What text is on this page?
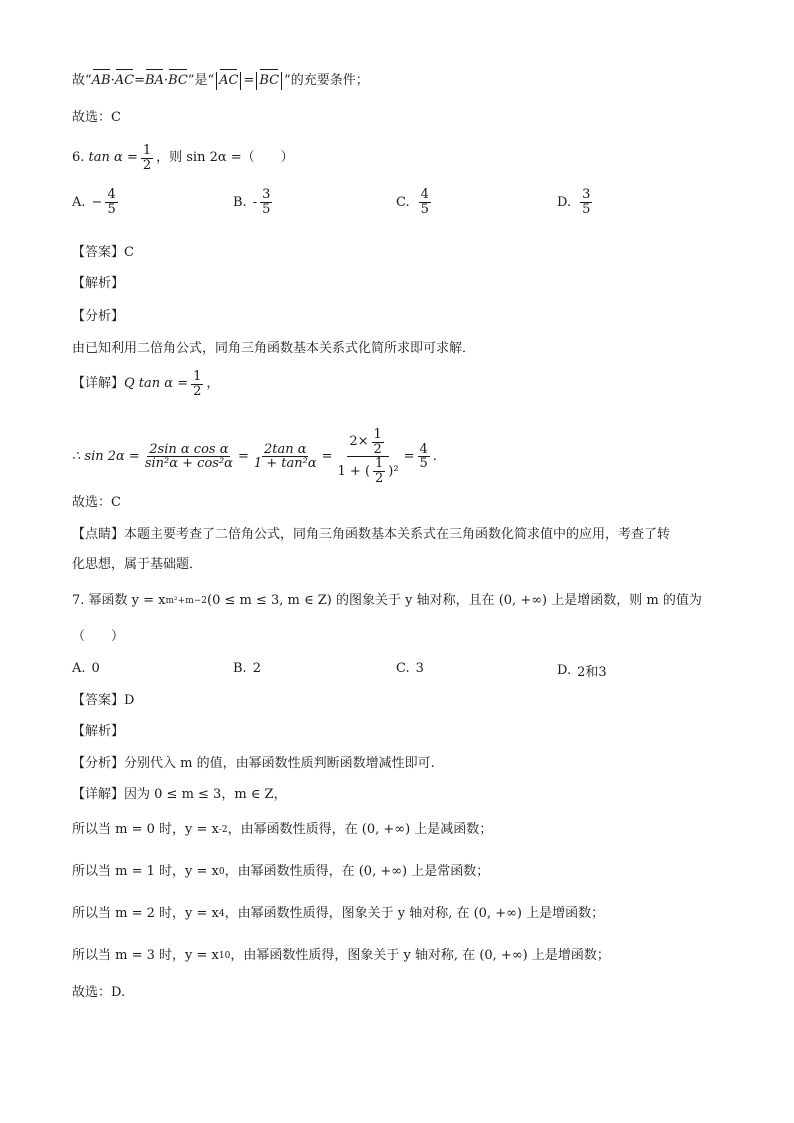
故“ AB · AC = BA · BC ”是“ AC = BC ”的充要条件；
故选：C
6.
$\tan \alpha = \frac{1}{2}$ ，则 sin 2α =（　　）
A. − $\frac{4}{5}$	B. - $\frac{3}{5}$	C. $\frac{4}{5}$	D. $\frac{3}{5}$
【答案】C
【解析】
【分析】
由已知利用二倍角公式，同角三角函数基本关系式化简所求即可求解．
【详解】 Q $\tan \alpha = \frac{1}{2}$ ，
∴ $\sin 2\alpha = \frac{\text{2sin α cos α}}{\text{sin²α + cos²α}} = \frac{\text{2tan α}}{\text{1 + tan²α}} = \frac{2\times \frac{1}{2}}{1 + ( \frac{1}{2} )^2} = \frac{4}{5}$ .
故选：C
【点睛】 本题主要考查了二倍角公式，同角三角函数基本关系式在三角函数化简求值中的应用，考查了转
化思想，属于基础题．
7. 幂函数 y = x m²+m−2 (0 ≤ m ≤ 3, m ∈ Z) 的图象关于 y 轴对称，且在 (0, +∞) 上是增函数，则 m 的值为
（　　）
A. 0	B. 2	C. 3	D. 2和3
【答案】D
【解析】
【分析】 分别代入 m 的值，由幂函数性质判断函数增减性即可.
【详解】 因为 0 ≤ m ≤ 3，m ∈ Z，
所以当 m = 0 时，y = x -2 ，由幂函数性质得，在 (0, +∞) 上是减函数；
所以当 m = 1 时，y = x 0 ，由幂函数性质得，在 (0, +∞) 上是常函数；
所以当 m = 2 时，y = x 4 ，由幂函数性质得，图象关于 y 轴对称, 在 (0, +∞) 上是增函数；
所以当 m = 3 时，y = x 10 ，由幂函数性质得，图象关于 y 轴对称, 在 (0, +∞) 上是增函数；
故选：D.
